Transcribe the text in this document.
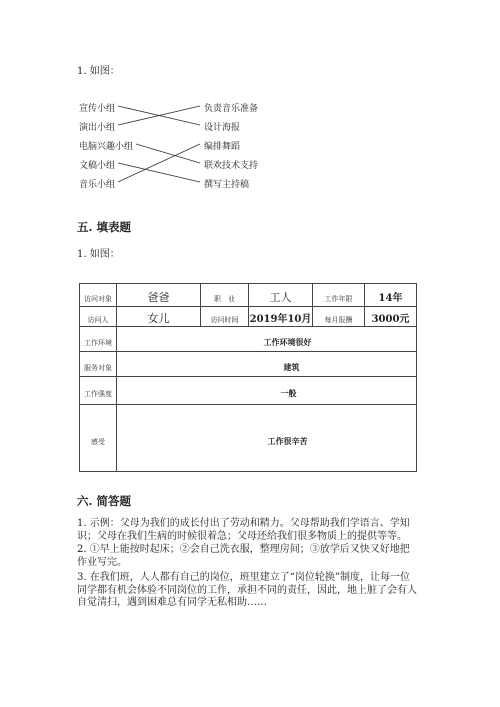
1. 如图：
宣传小组
演出小组
电脑兴趣小组
文稿小组
音乐小组
负责音乐准备
设计海报
编排舞蹈
联欢技术支持
撰写主持稿
五. 填表题
1. 如图：
访问对象	爸爸	职　业	工人	工作年限	14年
访问人	女儿	访问时间	2019年10月	每月报酬	3000元
工作环境	工作环境很好				
服务对象	建筑				
工作强度	一般				
感受	工作很辛苦				
六. 简答题
1. 示例：父母为我们的成长付出了劳动和精力。父母帮助我们学语言、学知识；父母在我们生病的时候很着急；父母还给我们很多物质上的提供等等。
2. ①早上能按时起床；②会自己洗衣服，整理房间；③放学后又快又好地把作业写完。
3. 在我们班，人人都有自己的岗位，班里建立了“岗位轮换”制度，让每一位同学都有机会体验不同岗位的工作，承担不同的责任，因此，地上脏了会有人自觉清扫，遇到困难总有同学无私相助……
